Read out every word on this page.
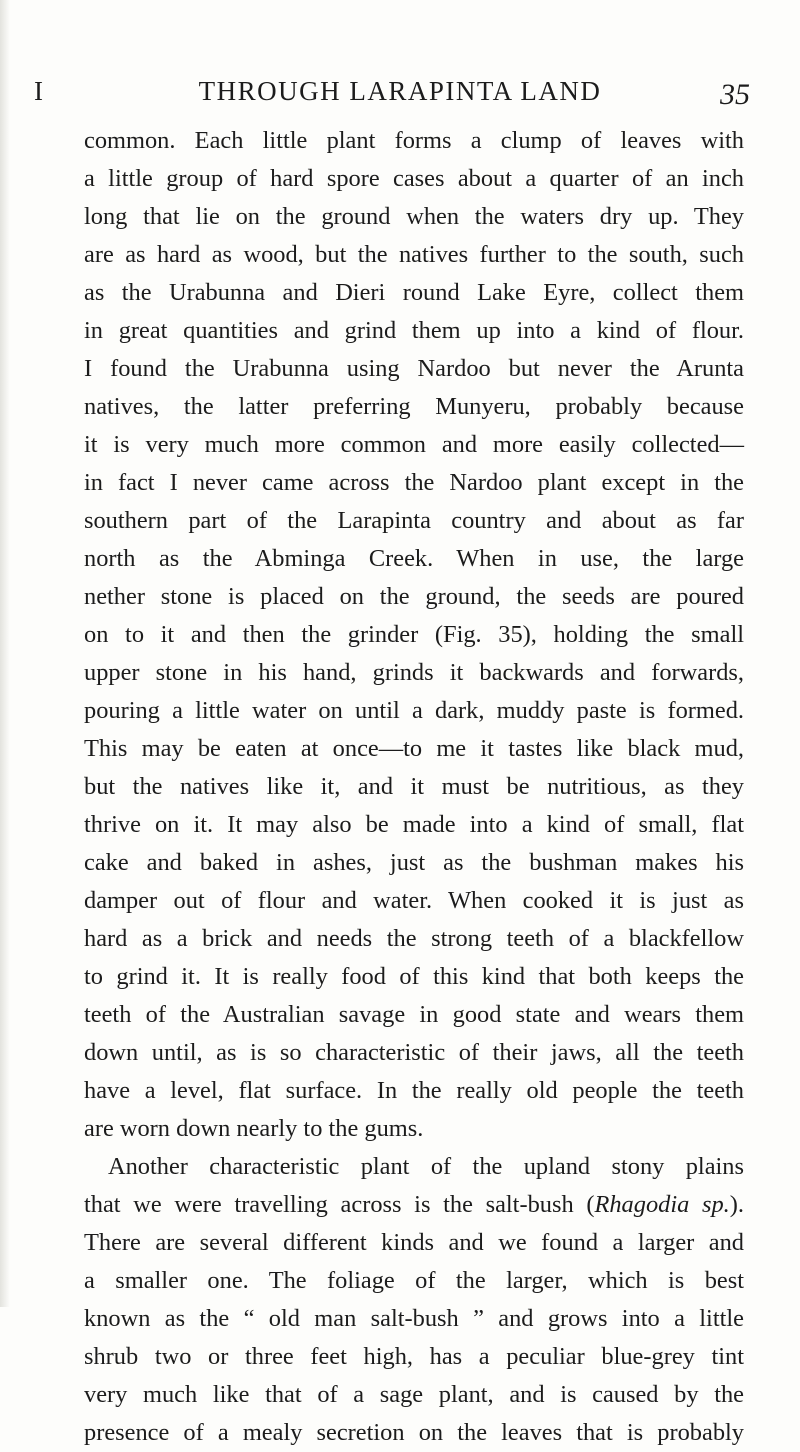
I	THROUGH LARAPINTA LAND	35
common. Each little plant forms a clump of leaves with
a little group of hard spore cases about a quarter of an inch
long that lie on the ground when the waters dry up. They
are as hard as wood, but the natives further to the south, such
as the Urabunna and Dieri round Lake Eyre, collect them
in great quantities and grind them up into a kind of flour.
I found the Urabunna using Nardoo but never the Arunta
natives, the latter preferring Munyeru, probably because
it is very much more common and more easily collected—
in fact I never came across the Nardoo plant except in the
southern part of the Larapinta country and about as far
north as the Abminga Creek. When in use, the large
nether stone is placed on the ground, the seeds are poured
on to it and then the grinder (Fig. 35), holding the small
upper stone in his hand, grinds it backwards and forwards,
pouring a little water on until a dark, muddy paste is formed.
This may be eaten at once—to me it tastes like black mud,
but the natives like it, and it must be nutritious, as they
thrive on it. It may also be made into a kind of small, flat
cake and baked in ashes, just as the bushman makes his
damper out of flour and water. When cooked it is just as
hard as a brick and needs the strong teeth of a blackfellow
to grind it. It is really food of this kind that both keeps the
teeth of the Australian savage in good state and wears them
down until, as is so characteristic of their jaws, all the teeth
have a level, flat surface. In the really old people the teeth
are worn down nearly to the gums.
Another characteristic plant of the upland stony plains
that we were travelling across is the salt-bush (Rhagodia sp.).
There are several different kinds and we found a larger and
a smaller one. The foliage of the larger, which is best
known as the “ old man salt-bush ” and grows into a little
shrub two or three feet high, has a peculiar blue-grey tint
very much like that of a sage plant, and is caused by the
presence of a mealy secretion on the leaves that is probably
